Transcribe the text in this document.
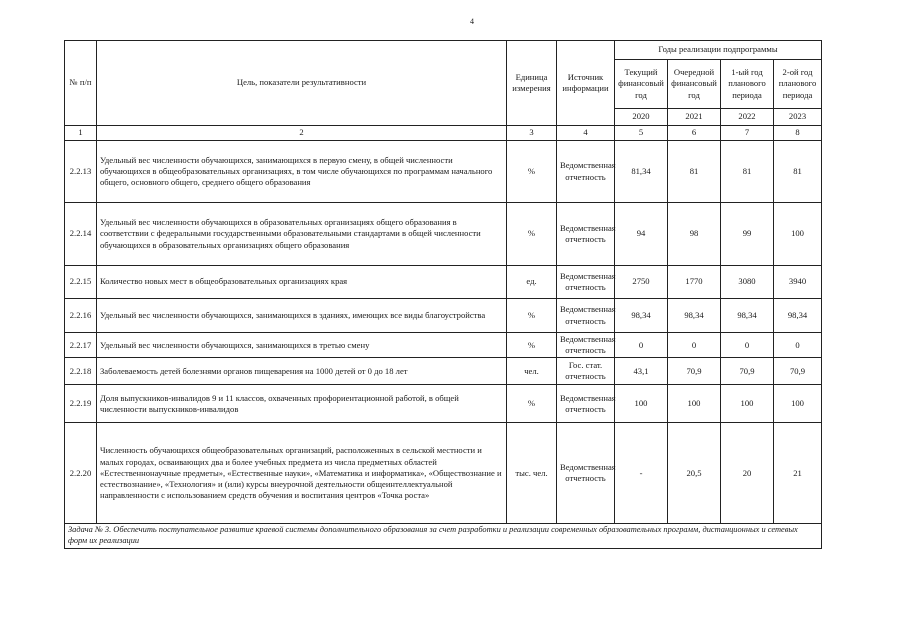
4
№ п/п	Цель, показатели результативности	Единица измерения	Источник информации	Годы реализации подпрограммы			
				Текущий финансовый год	Очередной финансовый год	1-ый год планового периода	2-ой год планового периода
				2020	2021	2022	2023
1	2	3	4	5	6	7	8
2.2.13	Удельный вес численности обучающихся, занимающихся в первую смену, в общей численности обучающихся в общеобразовательных организациях, в том числе обучающихся по программам начального общего, основного общего, среднего общего образования	%	Ведомственная отчетность	81,34	81	81	81
2.2.14	Удельный вес численности обучающихся в образовательных организациях общего образования в соответствии с федеральными государственными образовательными стандартами в общей численности обучающихся в образовательных организациях общего образования	%	Ведомственная отчетность	94	98	99	100
2.2.15	Количество новых мест в общеобразовательных организациях края	ед.	Ведомственная отчетность	2750	1770	3080	3940
2.2.16	Удельный вес численности обучающихся, занимающихся в зданиях, имеющих все виды благоустройства	%	Ведомственная отчетность	98,34	98,34	98,34	98,34
2.2.17	Удельный вес численности обучающихся, занимающихся в третью смену	%	Ведомственная отчетность	0	0	0	0
2.2.18	Заболеваемость детей болезнями органов пищеварения на 1000 детей от 0 до 18 лет	чел.	Гос. стат. отчетность	43,1	70,9	70,9	70,9
2.2.19	Доля выпускников-инвалидов 9 и 11 классов, охваченных профориентационной работой, в общей численности выпускников-инвалидов	%	Ведомственная отчетность	100	100	100	100
2.2.20	Численность обучающихся общеобразовательных организаций, расположенных в сельской местности и малых городах, осваивающих два и более учебных предмета из числа предметных областей «Естественнонаучные предметы», «Естественные науки», «Математика и информатика», «Обществознание и естествознание», «Технология» и (или) курсы внеурочной деятельности общеинтеллектуальной направленности с использованием средств обучения и воспитания центров «Точка роста»	тыс. чел.	Ведомственная отчетность	-	20,5	20	21
Задача № 3. Обеспечить поступательное развитие краевой системы дополнительного образования за счет разработки и реализации современных образовательных программ, дистанционных и сетевых форм их реализации							
